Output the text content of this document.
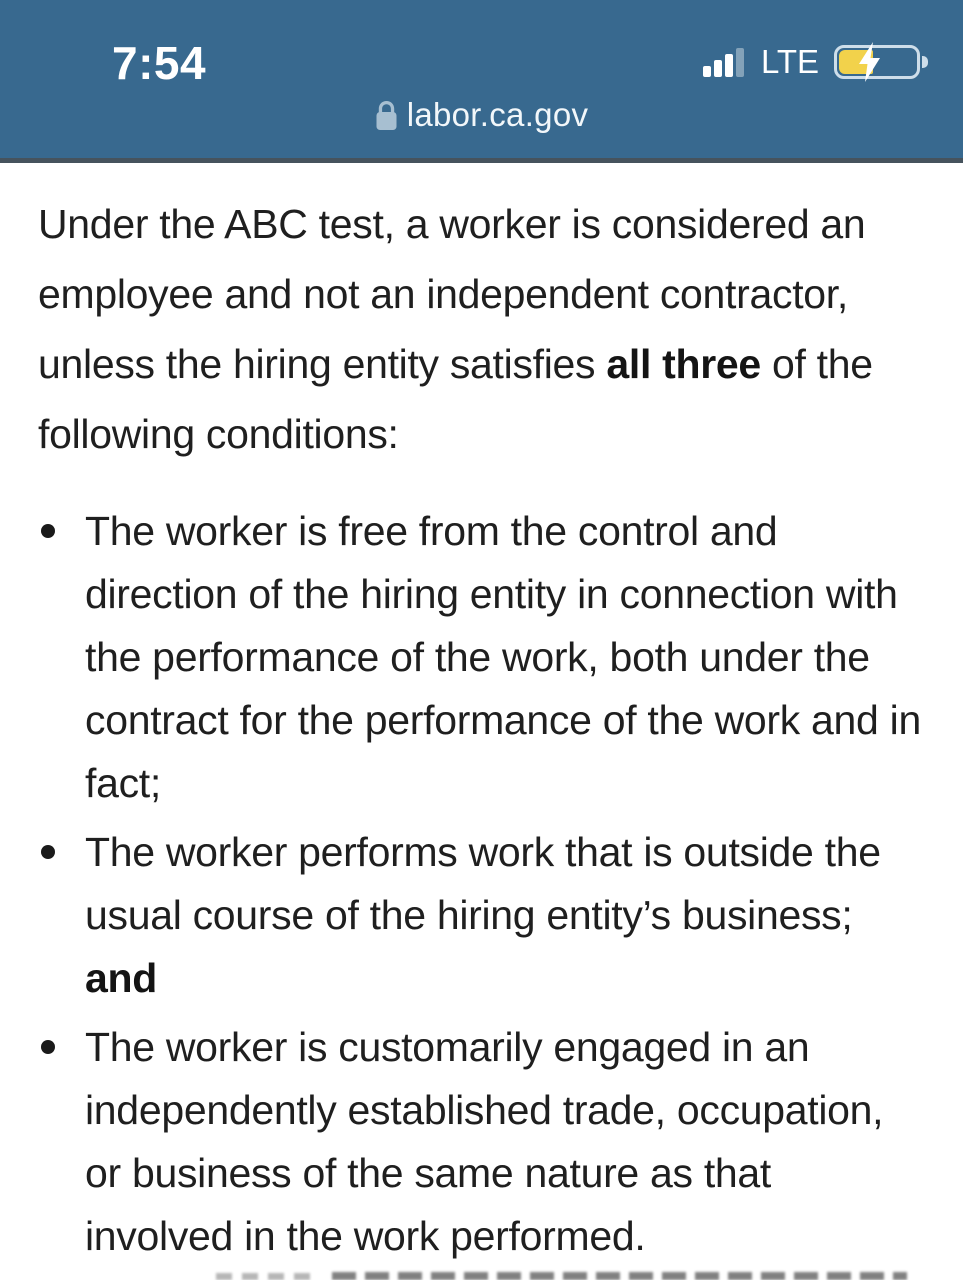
7:54	LTE
labor.ca.gov

Under the ABC test, a worker is considered an employee and not an independent contractor, unless the hiring entity satisfies all three of the following conditions:

The worker is free from the control and direction of the hiring entity in connection with the performance of the work, both under the contract for the performance of the work and in fact;
The worker performs work that is outside the usual course of the hiring entity’s business; and
The worker is customarily engaged in an independently established trade, occupation, or business of the same nature as that involved in the work performed.
